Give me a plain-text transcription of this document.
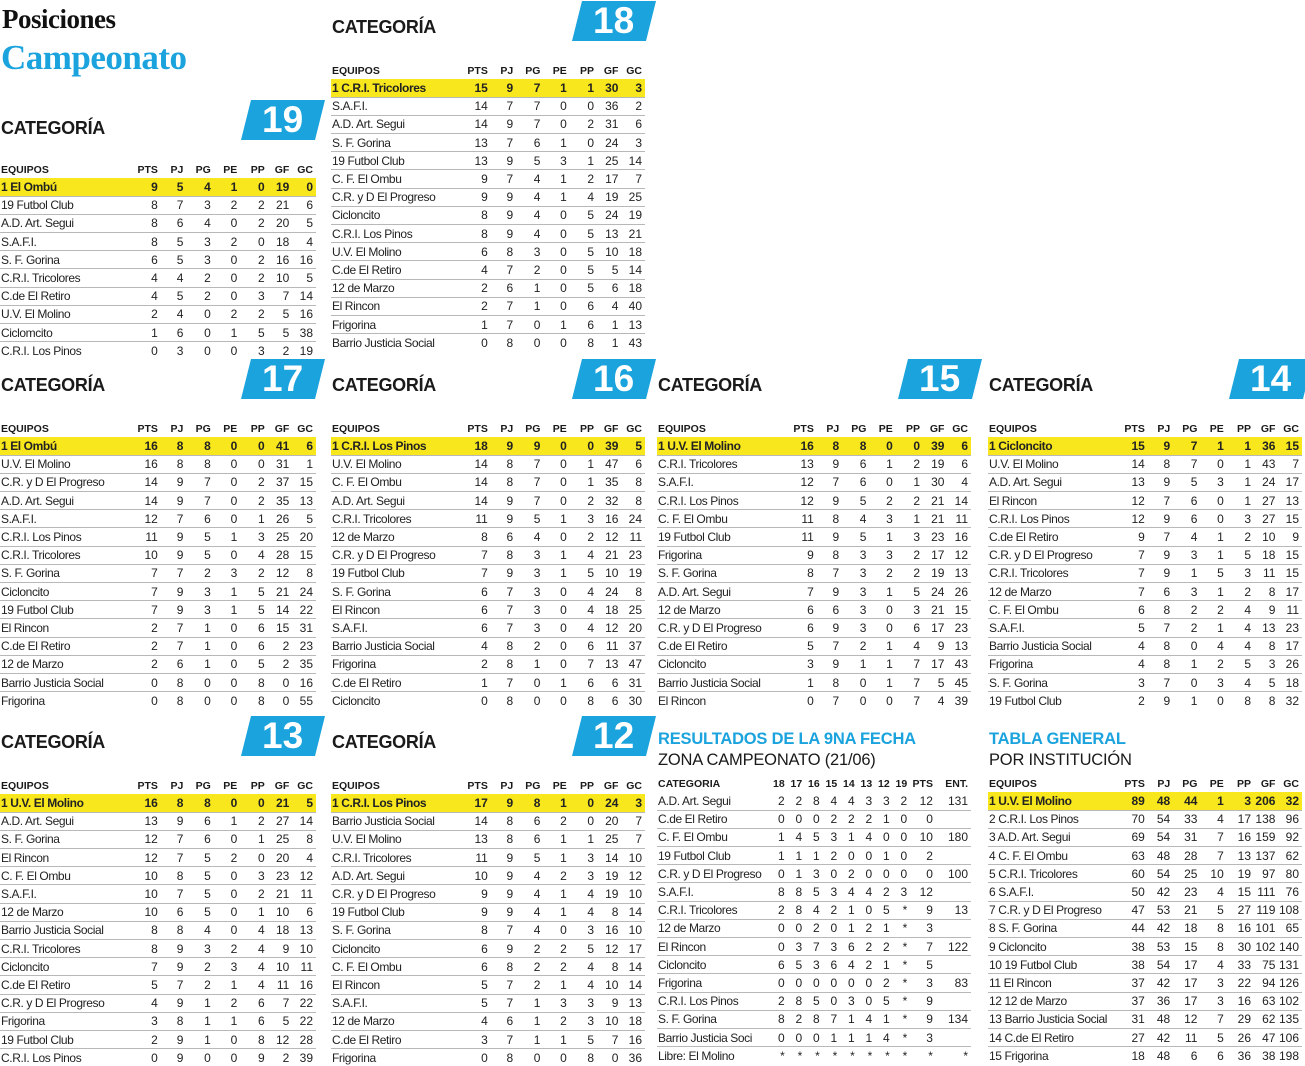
Posiciones
Campeonato
RESULTADOS DE LA 9NA FECHA
ZONA CAMPEONATO (21/06)
CATEGORIA	18	17	16	15	14	13	12	19	PTS	ENT.
A.D. Art. Segui	2	2	8	4	4	3	3	2	12	131
C.de El Retiro	0	0	0	2	2	2	1	0	0	
C. F. El Ombu	1	4	5	3	1	4	0	0	10	180
19 Futbol Club	1	1	1	2	0	0	1	0	2	
C.R. y D El Progreso	0	1	3	0	2	0	0	0	0	100
S.A.F.I.	8	8	5	3	4	4	2	3	12	
C.R.I. Tricolores	2	8	4	2	1	0	5	*	9	13
12 de Marzo	0	0	2	0	1	2	1	*	3	
El Rincon	0	3	7	3	6	2	2	*	7	122
Cicloncito	6	5	3	6	4	2	1	*	5	
Frigorina	0	0	0	0	0	0	2	*	3	83
C.R.I. Los Pinos	2	8	5	0	3	0	5	*	9	
S. F. Gorina	8	2	8	7	1	4	1	*	9	134
Barrio Justicia Soci	0	0	0	1	1	1	4	*	3	
Libre: El Molino	*	*	*	*	*	*	*	*	*	*
TABLA GENERAL
POR INSTITUCIÓN
EQUIPOS	PTS	PJ	PG	PE	PP	GF	GC
1 U.V. El Molino	89	48	44	1	3	206	32
2 C.R.I. Los Pinos	70	54	33	4	17	138	96
3 A.D. Art. Segui	69	54	31	7	16	159	92
4 C. F. El Ombu	63	48	28	7	13	137	62
5 C.R.I. Tricolores	60	54	25	10	19	97	80
6 S.A.F.I.	50	42	23	4	15	111	76
7 C.R. y D El Progreso	47	53	21	5	27	119	108
8 S. F. Gorina	44	42	18	8	16	101	65
9 Cicloncito	38	53	15	8	30	102	140
10 19 Futbol Club	38	54	17	4	33	75	131
11 El Rincon	37	42	17	3	22	94	126
12 12 de Marzo	37	36	17	3	16	63	102
13 Barrio Justicia Social	31	48	12	7	29	62	135
14 C.de El Retiro	27	42	11	5	26	47	106
15 Frigorina	18	48	6	6	36	38	198
CATEGORÍA	19
EQUIPOS	PTS	PJ	PG	PE	PP	GF	GC
1 El Ombú	9	5	4	1	0	19	0
19 Futbol Club	8	7	3	2	2	21	6
A.D. Art. Segui	8	6	4	0	2	20	5
S.A.F.I.	8	5	3	2	0	18	4
S. F. Gorina	6	5	3	0	2	16	16
C.R.I. Tricolores	4	4	2	0	2	10	5
C.de El Retiro	4	5	2	0	3	7	14
U.V. El Molino	2	4	0	2	2	5	16
Ciclomcito	1	6	0	1	5	5	38
C.R.I. Los Pinos	0	3	0	0	3	2	19
CATEGORÍA	18
EQUIPOS	PTS	PJ	PG	PE	PP	GF	GC
1 C.R.I. Tricolores	15	9	7	1	1	30	3
S.A.F.I.	14	7	7	0	0	36	2
A.D. Art. Segui	14	9	7	0	2	31	6
S. F. Gorina	13	7	6	1	0	24	3
19 Futbol Club	13	9	5	3	1	25	14
C. F. El Ombu	9	7	4	1	2	17	7
C.R. y D El Progreso	9	9	4	1	4	19	25
Cicloncito	8	9	4	0	5	24	19
C.R.I. Los Pinos	8	9	4	0	5	13	21
U.V. El Molino	6	8	3	0	5	10	18
C.de El Retiro	4	7	2	0	5	5	14
12 de Marzo	2	6	1	0	5	6	18
El Rincon	2	7	1	0	6	4	40
Frigorina	1	7	0	1	6	1	13
Barrio Justicia Social	0	8	0	0	8	1	43
CATEGORÍA	17
EQUIPOS	PTS	PJ	PG	PE	PP	GF	GC
1 El Ombú	16	8	8	0	0	41	6
U.V. El Molino	16	8	8	0	0	31	1
C.R. y D El Progreso	14	9	7	0	2	37	15
A.D. Art. Segui	14	9	7	0	2	35	13
S.A.F.I.	12	7	6	0	1	26	5
C.R.I. Los Pinos	11	9	5	1	3	25	20
C.R.I. Tricolores	10	9	5	0	4	28	15
S. F. Gorina	7	7	2	3	2	12	8
Cicloncito	7	9	3	1	5	21	24
19 Futbol Club	7	9	3	1	5	14	22
El Rincon	2	7	1	0	6	15	31
C.de El Retiro	2	7	1	0	6	2	23
12 de Marzo	2	6	1	0	5	2	35
Barrio Justicia Social	0	8	0	0	8	0	16
Frigorina	0	8	0	0	8	0	55
CATEGORÍA	16
EQUIPOS	PTS	PJ	PG	PE	PP	GF	GC
1 C.R.I. Los Pinos	18	9	9	0	0	39	5
U.V. El Molino	14	8	7	0	1	47	6
C. F. El Ombu	14	8	7	0	1	35	8
A.D. Art. Segui	14	9	7	0	2	32	8
C.R.I. Tricolores	11	9	5	1	3	16	24
12 de Marzo	8	6	4	0	2	12	11
C.R. y D El Progreso	7	8	3	1	4	21	23
19 Futbol Club	7	9	3	1	5	10	19
S. F. Gorina	6	7	3	0	4	24	8
El Rincon	6	7	3	0	4	18	25
S.A.F.I.	6	7	3	0	4	12	20
Barrio Justicia Social	4	8	2	0	6	11	37
Frigorina	2	8	1	0	7	13	47
C.de El Retiro	1	7	0	1	6	6	31
Cicloncito	0	8	0	0	8	6	30
CATEGORÍA	15
EQUIPOS	PTS	PJ	PG	PE	PP	GF	GC
1 U.V. El Molino	16	8	8	0	0	39	6
C.R.I. Tricolores	13	9	6	1	2	19	6
S.A.F.I.	12	7	6	0	1	30	4
C.R.I. Los Pinos	12	9	5	2	2	21	14
C. F. El Ombu	11	8	4	3	1	21	11
19 Futbol Club	11	9	5	1	3	23	16
Frigorina	9	8	3	3	2	17	12
S. F. Gorina	8	7	3	2	2	19	13
A.D. Art. Segui	7	9	3	1	5	24	26
12 de Marzo	6	6	3	0	3	21	15
C.R. y D El Progreso	6	9	3	0	6	17	23
C.de El Retiro	5	7	2	1	4	9	13
Cicloncito	3	9	1	1	7	17	43
Barrio Justicia Social	1	8	0	1	7	5	45
El Rincon	0	7	0	0	7	4	39
CATEGORÍA	14
EQUIPOS	PTS	PJ	PG	PE	PP	GF	GC
1 Cicloncito	15	9	7	1	1	36	15
U.V. El Molino	14	8	7	0	1	43	7
A.D. Art. Segui	13	9	5	3	1	24	17
El Rincon	12	7	6	0	1	27	13
C.R.I. Los Pinos	12	9	6	0	3	27	15
C.de El Retiro	9	7	4	1	2	10	9
C.R. y D El Progreso	7	9	3	1	5	18	15
C.R.I. Tricolores	7	9	1	5	3	11	15
12 de Marzo	7	6	3	1	2	8	17
C. F. El Ombu	6	8	2	2	4	9	11
S.A.F.I.	5	7	2	1	4	13	23
Barrio Justicia Social	4	8	0	4	4	8	17
Frigorina	4	8	1	2	5	3	26
S. F. Gorina	3	7	0	3	4	5	18
19 Futbol Club	2	9	1	0	8	8	32
CATEGORÍA	13
EQUIPOS	PTS	PJ	PG	PE	PP	GF	GC
1 U.V. El Molino	16	8	8	0	0	21	5
A.D. Art. Segui	13	9	6	1	2	27	14
S. F. Gorina	12	7	6	0	1	25	8
El Rincon	12	7	5	2	0	20	4
C. F. El Ombu	10	8	5	0	3	23	12
S.A.F.I.	10	7	5	0	2	21	11
12 de Marzo	10	6	5	0	1	10	6
Barrio Justicia Social	8	8	4	0	4	18	13
C.R.I. Tricolores	8	9	3	2	4	9	10
Cicloncito	7	9	2	3	4	10	11
C.de El Retiro	5	7	2	1	4	11	16
C.R. y D El Progreso	4	9	1	2	6	7	22
Frigorina	3	8	1	1	6	5	22
19 Futbol Club	2	9	1	0	8	12	28
C.R.I. Los Pinos	0	9	0	0	9	2	39
CATEGORÍA	12
EQUIPOS	PTS	PJ	PG	PE	PP	GF	GC
1 C.R.I. Los Pinos	17	9	8	1	0	24	3
Barrio Justicia Social	14	8	6	2	0	20	7
U.V. El Molino	13	8	6	1	1	25	7
C.R.I. Tricolores	11	9	5	1	3	14	10
A.D. Art. Segui	10	9	4	2	3	19	12
C.R. y D El Progreso	9	9	4	1	4	19	10
19 Futbol Club	9	9	4	1	4	8	14
S. F. Gorina	8	7	4	0	3	16	10
Cicloncito	6	9	2	2	5	12	17
C. F. El Ombu	6	8	2	2	4	8	14
El Rincon	5	7	2	1	4	10	14
S.A.F.I.	5	7	1	3	3	9	13
12 de Marzo	4	6	1	2	3	10	18
C.de El Retiro	3	7	1	1	5	7	16
Frigorina	0	8	0	0	8	0	36
